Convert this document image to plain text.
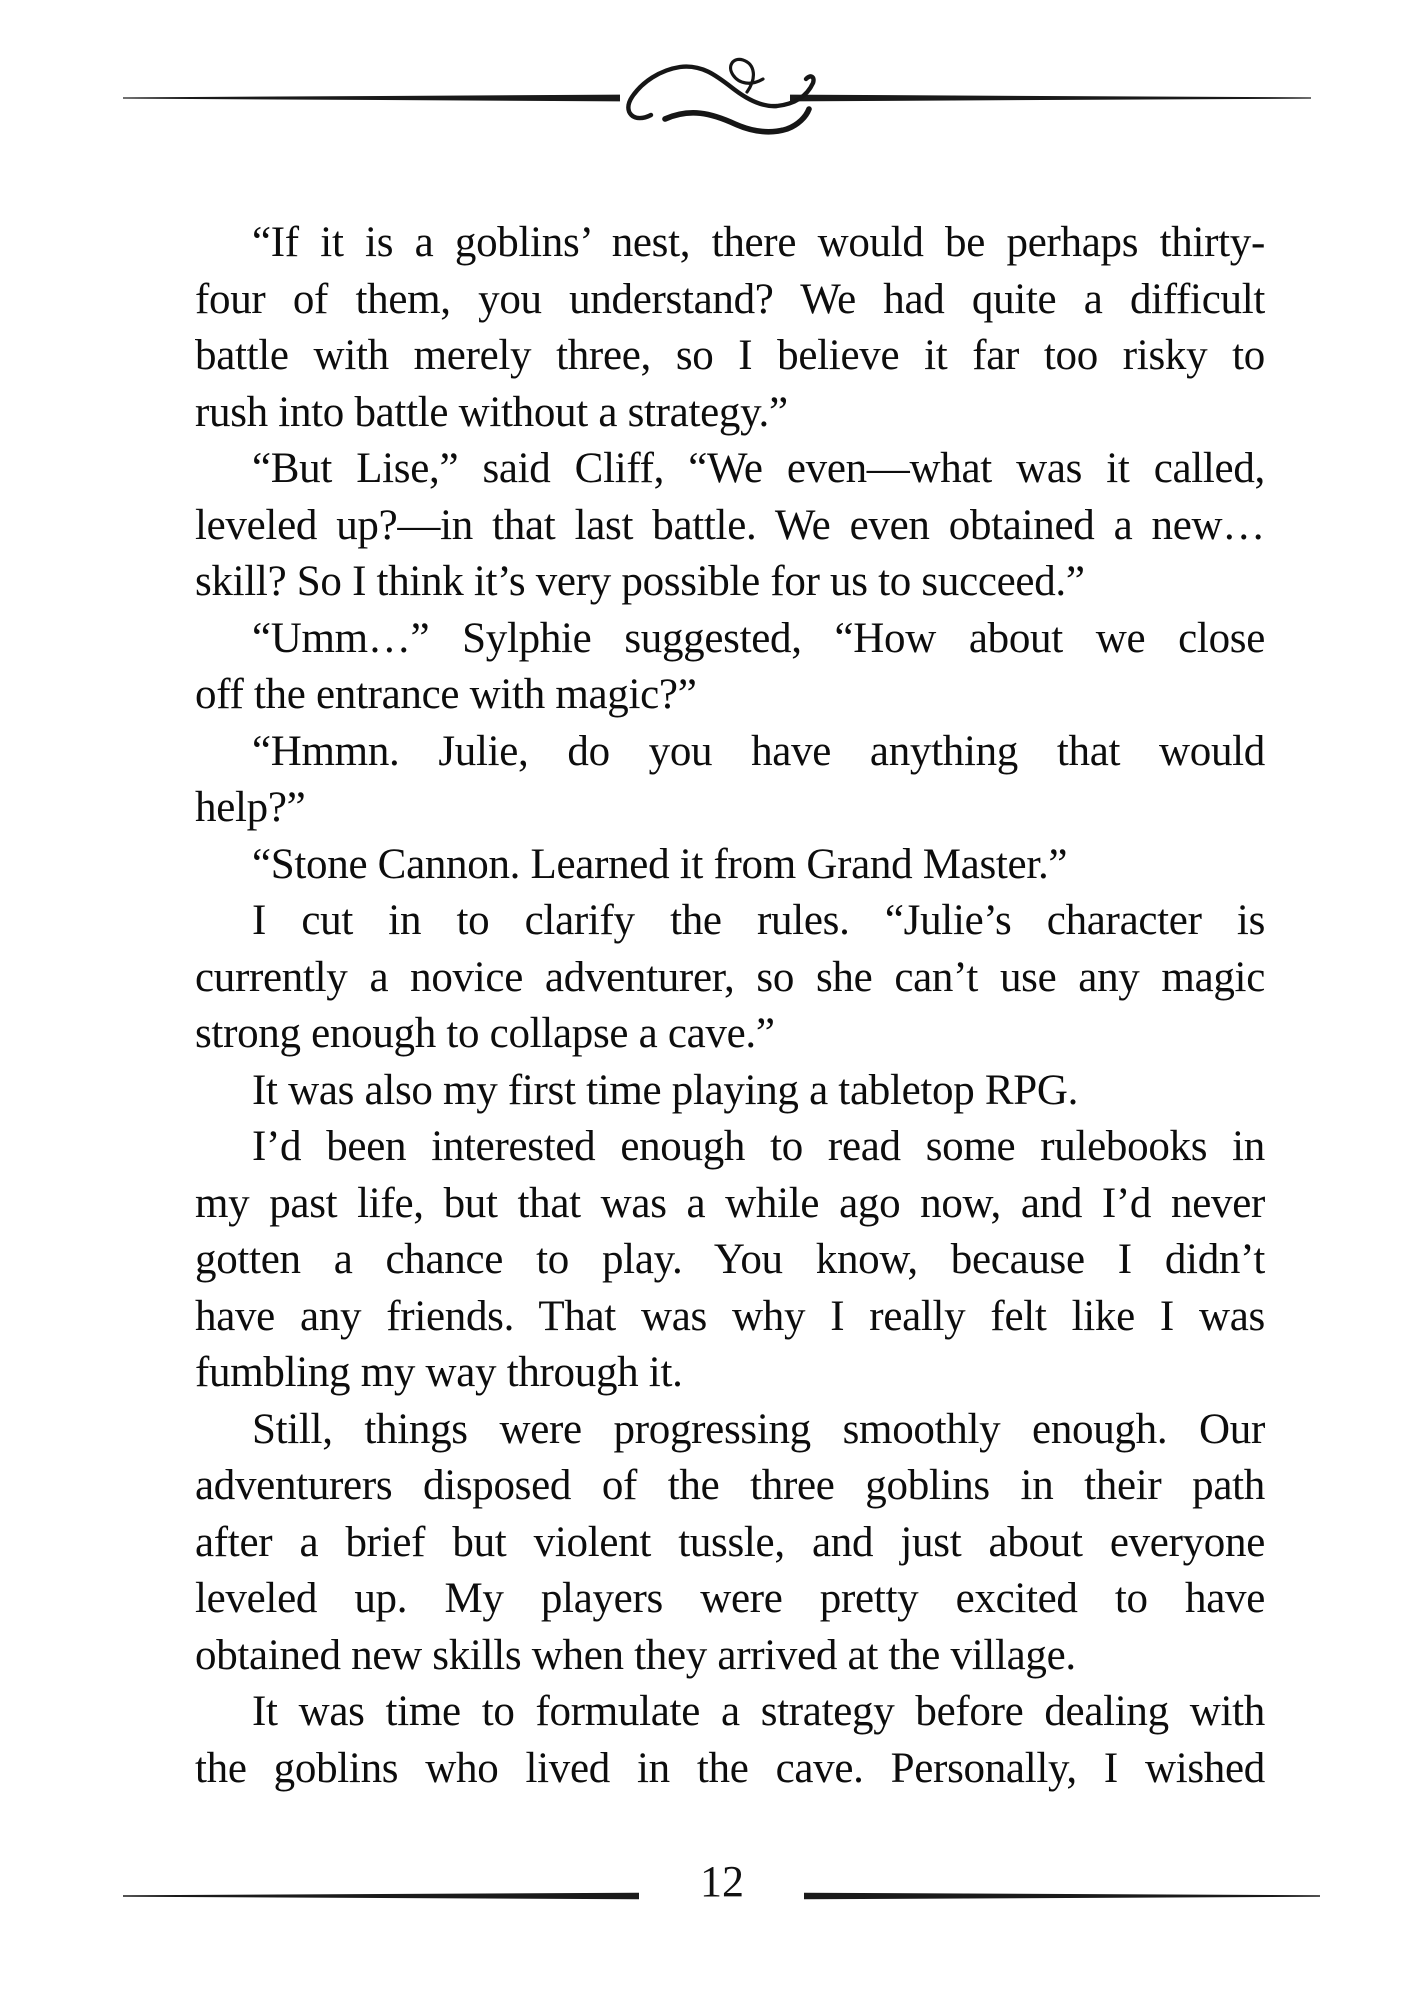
“If it is a goblins’ nest, there would be perhaps thirty-
four of them, you understand? We had quite a difficult
battle with merely three, so I believe it far too risky to
rush into battle without a strategy.”
“But Lise,” said Cliff, “We even—what was it called,
leveled up?—in that last battle. We even obtained a new…
skill? So I think it’s very possible for us to succeed.”
“Umm…” Sylphie suggested, “How about we close
off the entrance with magic?”
“Hmmn. Julie, do you have anything that would
help?”
“Stone Cannon. Learned it from Grand Master.”
I cut in to clarify the rules. “Julie’s character is
currently a novice adventurer, so she can’t use any magic
strong enough to collapse a cave.”
It was also my first time playing a tabletop RPG.
I’d been interested enough to read some rulebooks in
my past life, but that was a while ago now, and I’d never
gotten a chance to play. You know, because I didn’t
have any friends. That was why I really felt like I was
fumbling my way through it.
Still, things were progressing smoothly enough. Our
adventurers disposed of the three goblins in their path
after a brief but violent tussle, and just about everyone
leveled up. My players were pretty excited to have
obtained new skills when they arrived at the village.
It was time to formulate a strategy before dealing with
the goblins who lived in the cave. Personally, I wished
12
